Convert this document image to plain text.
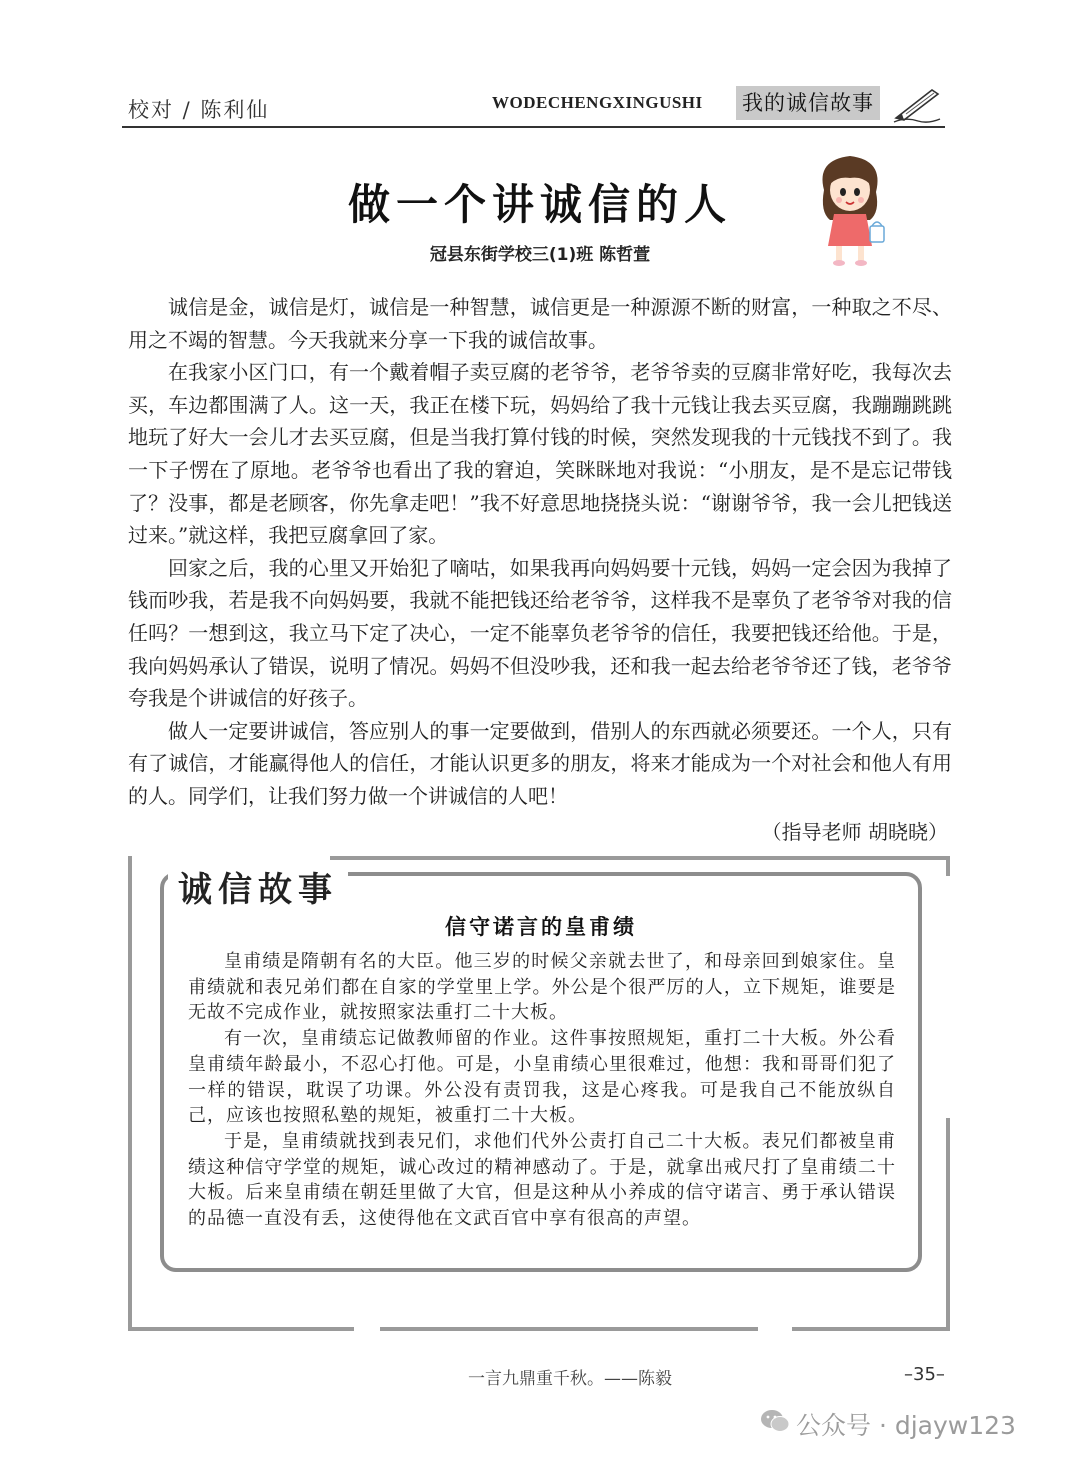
校对 / 陈利仙	WODECHENGXINGUSHI 我的诚信故事
做一个讲诚信的人
冠县东街学校三(1)班 陈哲萱

诚信是金，诚信是灯，诚信是一种智慧，诚信更是一种源源不断的财富，一种取之不尽、用之不竭的智慧。今天我就来分享一下我的诚信故事。

在我家小区门口，有一个戴着帽子卖豆腐的老爷爷，老爷爷卖的豆腐非常好吃，我每次去买，车边都围满了人。这一天，我正在楼下玩，妈妈给了我十元钱让我去买豆腐，我蹦蹦跳跳地玩了好大一会儿才去买豆腐，但是当我打算付钱的时候，突然发现我的十元钱找不到了。我一下子愣在了原地。老爷爷也看出了我的窘迫，笑眯眯地对我说：“小朋友，是不是忘记带钱了？没事，都是老顾客，你先拿走吧！”我不好意思地挠挠头说：“谢谢爷爷，我一会儿把钱送过来。”就这样，我把豆腐拿回了家。

回家之后，我的心里又开始犯了嘀咕，如果我再向妈妈要十元钱，妈妈一定会因为我掉了钱而吵我，若是我不向妈妈要，我就不能把钱还给老爷爷，这样我不是辜负了老爷爷对我的信任吗？一想到这，我立马下定了决心，一定不能辜负老爷爷的信任，我要把钱还给他。于是，我向妈妈承认了错误，说明了情况。妈妈不但没吵我，还和我一起去给老爷爷还了钱，老爷爷夸我是个讲诚信的好孩子。

做人一定要讲诚信，答应别人的事一定要做到，借别人的东西就必须要还。一个人，只有有了诚信，才能赢得他人的信任，才能认识更多的朋友，将来才能成为一个对社会和他人有用的人。同学们，让我们努力做一个讲诚信的人吧！

（指导老师 胡晓晓）
诚信故事
信守诺言的皇甫绩

皇甫绩是隋朝有名的大臣。他三岁的时候父亲就去世了，和母亲回到娘家住。皇甫绩就和表兄弟们都在自家的学堂里上学。外公是个很严厉的人，立下规矩，谁要是无故不完成作业，就按照家法重打二十大板。

有一次，皇甫绩忘记做教师留的作业。这件事按照规矩，重打二十大板。外公看皇甫绩年龄最小，不忍心打他。可是，小皇甫绩心里很难过，他想：我和哥哥们犯了一样的错误，耽误了功课。外公没有责罚我，这是心疼我。可是我自己不能放纵自己，应该也按照私塾的规矩，被重打二十大板。

于是，皇甫绩就找到表兄们，求他们代外公责打自己二十大板。表兄们都被皇甫绩这种信守学堂的规矩，诚心改过的精神感动了。于是，就拿出戒尺打了皇甫绩二十大板。后来皇甫绩在朝廷里做了大官，但是这种从小养成的信守诺言、勇于承认错误的品德一直没有丢，这使得他在文武百官中享有很高的声望。

一言九鼎重千秋。——陈毅	–35–
公众号 · djayw123
